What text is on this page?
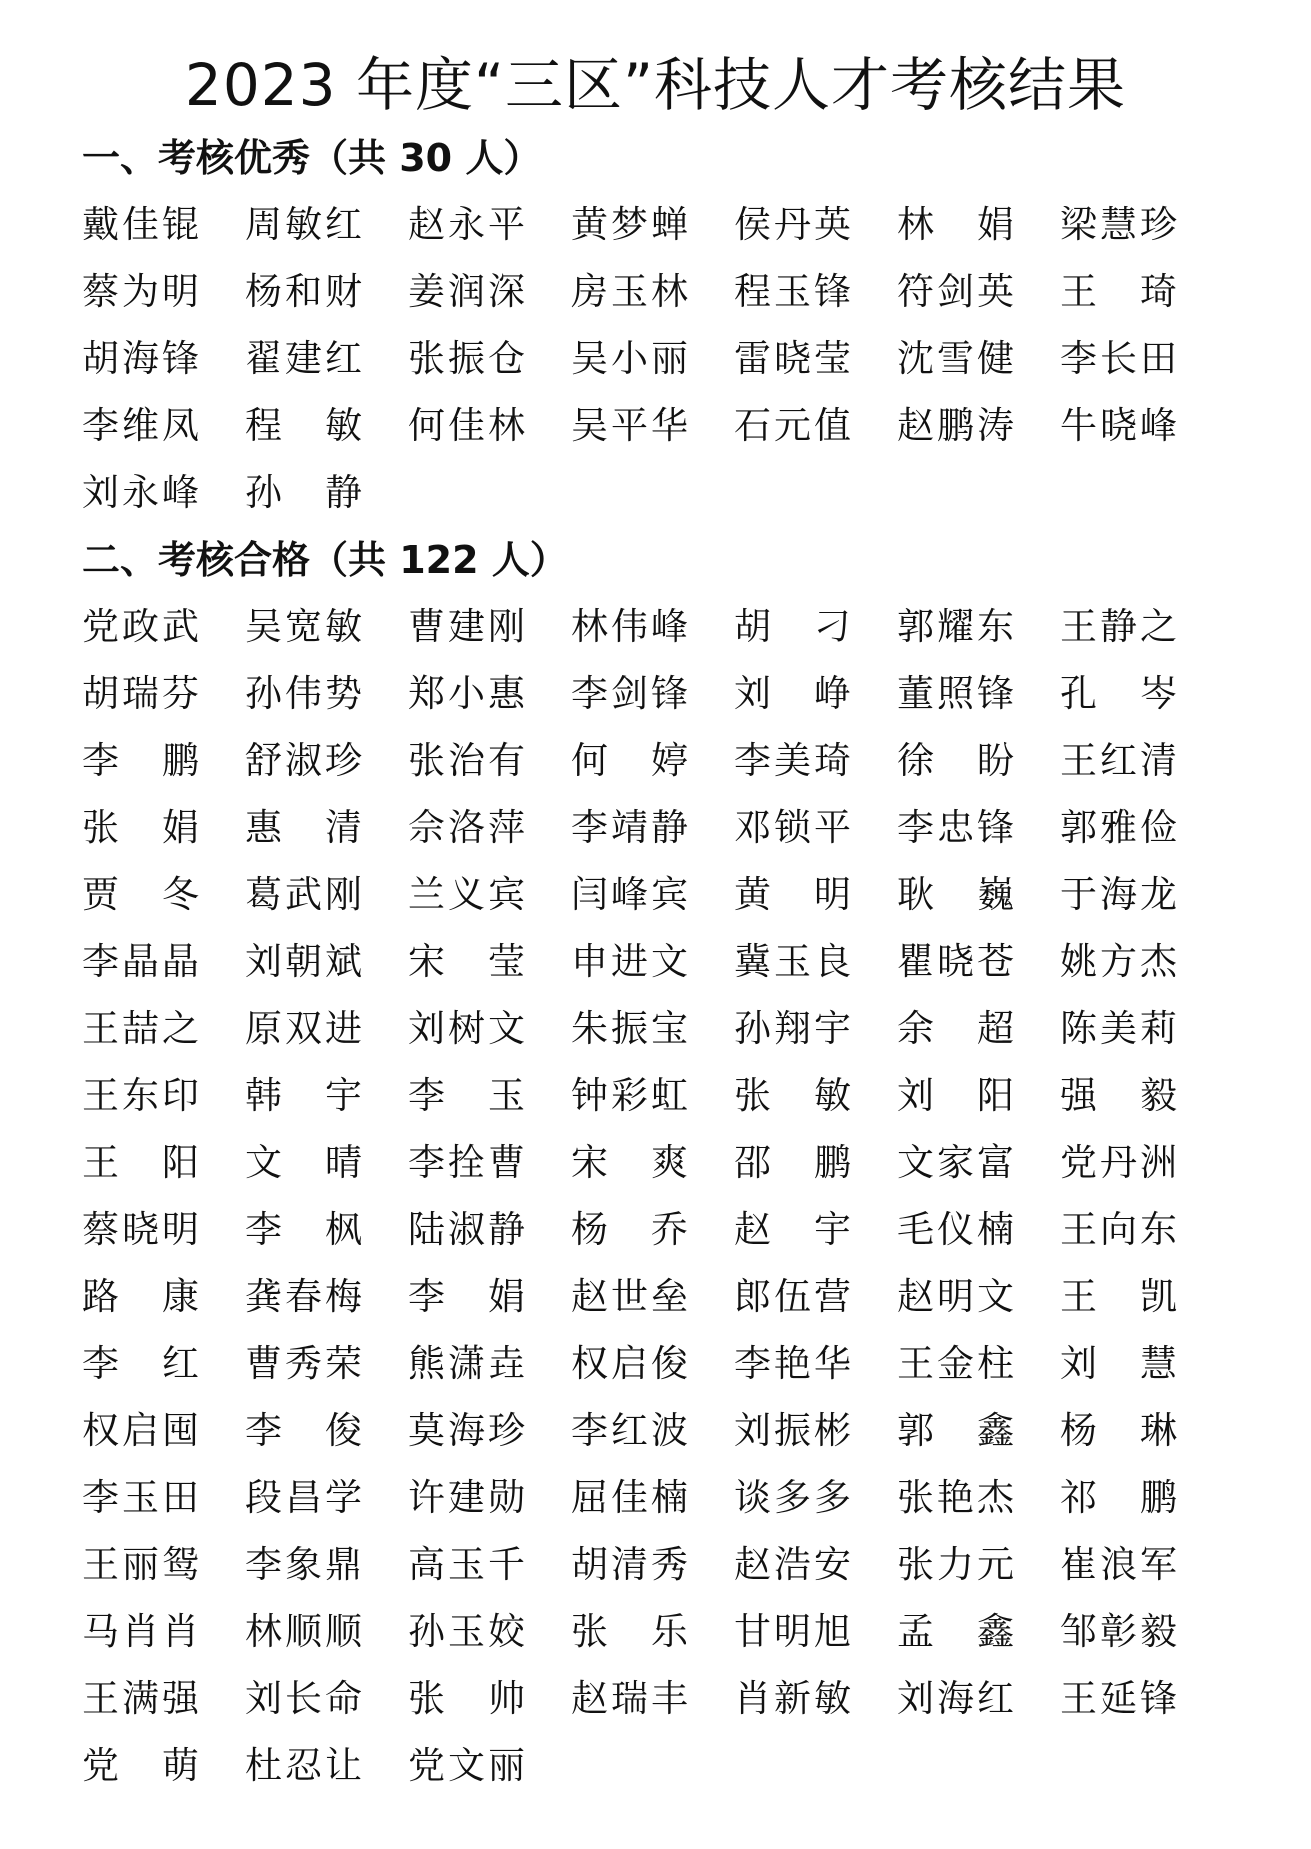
2023 年度“三区”科技人才考核结果
一、考核优秀（共 30 人）
戴佳锟 周敏红 赵永平 黄梦蝉 侯丹英 林 娟 梁慧珍
蔡为明 杨和财 姜润深 房玉林 程玉锋 符剑英 王 琦
胡海锋 翟建红 张振仓 吴小丽 雷晓莹 沈雪健 李长田
李维凤 程 敏 何佳林 吴平华 石元值 赵鹏涛 牛晓峰
刘永峰 孙 静
二、考核合格（共 122 人）
党政武 吴宽敏 曹建刚 林伟峰 胡 刁 郭耀东 王静之
胡瑞芬 孙伟势 郑小惠 李剑锋 刘 峥 董照锋 孔 岑
李 鹏 舒淑珍 张治有 何 婷 李美琦 徐 盼 王红清
张 娟 惠 清 佘洛萍 李靖静 邓锁平 李忠锋 郭雅俭
贾 冬 葛武刚 兰义宾 闫峰宾 黄 明 耿 巍 于海龙
李晶晶 刘朝斌 宋 莹 申进文 冀玉良 瞿晓苍 姚方杰
王喆之 原双进 刘树文 朱振宝 孙翔宇 余 超 陈美莉
王东印 韩 宇 李 玉 钟彩虹 张 敏 刘 阳 强 毅
王 阳 文 晴 李拴曹 宋 爽 邵 鹏 文家富 党丹洲
蔡晓明 李 枫 陆淑静 杨 乔 赵 宇 毛仪楠 王向东
路 康 龚春梅 李 娟 赵世垒 郎伍营 赵明文 王 凯
李 红 曹秀荣 熊潇垚 权启俊 李艳华 王金柱 刘 慧
权启囤 李 俊 莫海珍 李红波 刘振彬 郭 鑫 杨 琳
李玉田 段昌学 许建勋 屈佳楠 谈多多 张艳杰 祁 鹏
王丽鸳 李象鼎 高玉千 胡清秀 赵浩安 张力元 崔浪军
马肖肖 林顺顺 孙玉姣 张 乐 甘明旭 孟 鑫 邹彰毅
王满强 刘长命 张 帅 赵瑞丰 肖新敏 刘海红 王延锋
党 萌 杜忍让 党文丽
